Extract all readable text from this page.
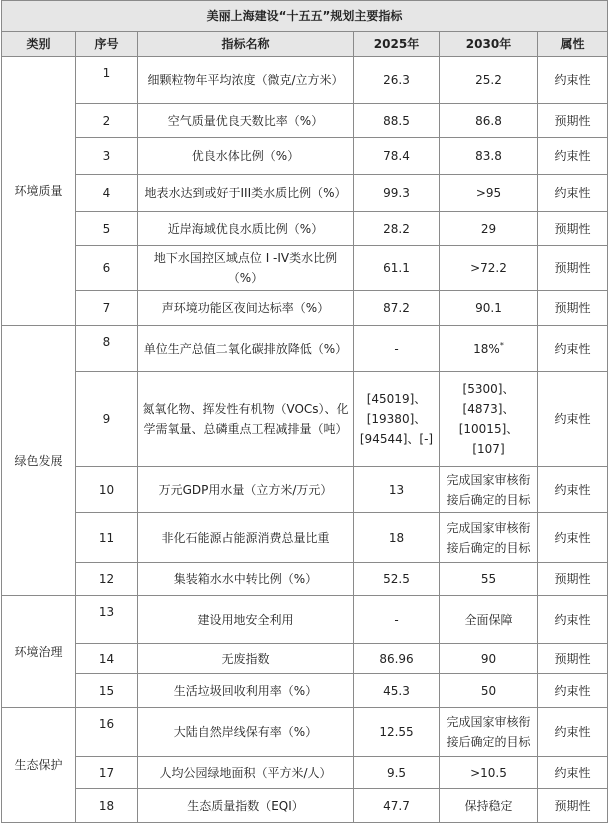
美丽上海建设“十五五”规划主要指标					
类别	序号	指标名称	2025年	2030年	属性
环境质量	1	细颗粒物年平均浓度（微克/立方米）	26.3	25.2	约束性
	2	空气质量优良天数比率（%）	88.5	86.8	预期性
	3	优良水体比例（%）	78.4	83.8	约束性
	4	地表水达到或好于III类水质比例（%）	99.3	>95	约束性
	5	近岸海域优良水质比例（%）	28.2	29	预期性
	6	地下水国控区域点位 I -IV类水比例（%）	61.1	>72.2	预期性
	7	声环境功能区夜间达标率（%）	87.2	90.1	预期性
绿色发展	8	单位生产总值二氧化碳排放降低（%）	-	18%*	约束性
	9	氮氧化物、挥发性有机物（VOCs）、化学需氧量、总磷重点工程减排量（吨）	[45019]、[19380]、[94544]、[-]	[5300]、[4873]、[10015]、[107]	约束性
	10	万元GDP用水量（立方米/万元）	13	完成国家审核衔接后确定的目标	约束性
	11	非化石能源占能源消费总量比重	18	完成国家审核衔接后确定的目标	约束性
	12	集装箱水水中转比例（%）	52.5	55	预期性
环境治理	13	建设用地安全利用	-	全面保障	约束性
	14	无废指数	86.96	90	预期性
	15	生活垃圾回收利用率（%）	45.3	50	约束性
生态保护	16	大陆自然岸线保有率（%）	12.55	完成国家审核衔接后确定的目标	约束性
	17	人均公园绿地面积（平方米/人）	9.5	>10.5	约束性
	18	生态质量指数（EQI）	47.7	保持稳定	预期性
